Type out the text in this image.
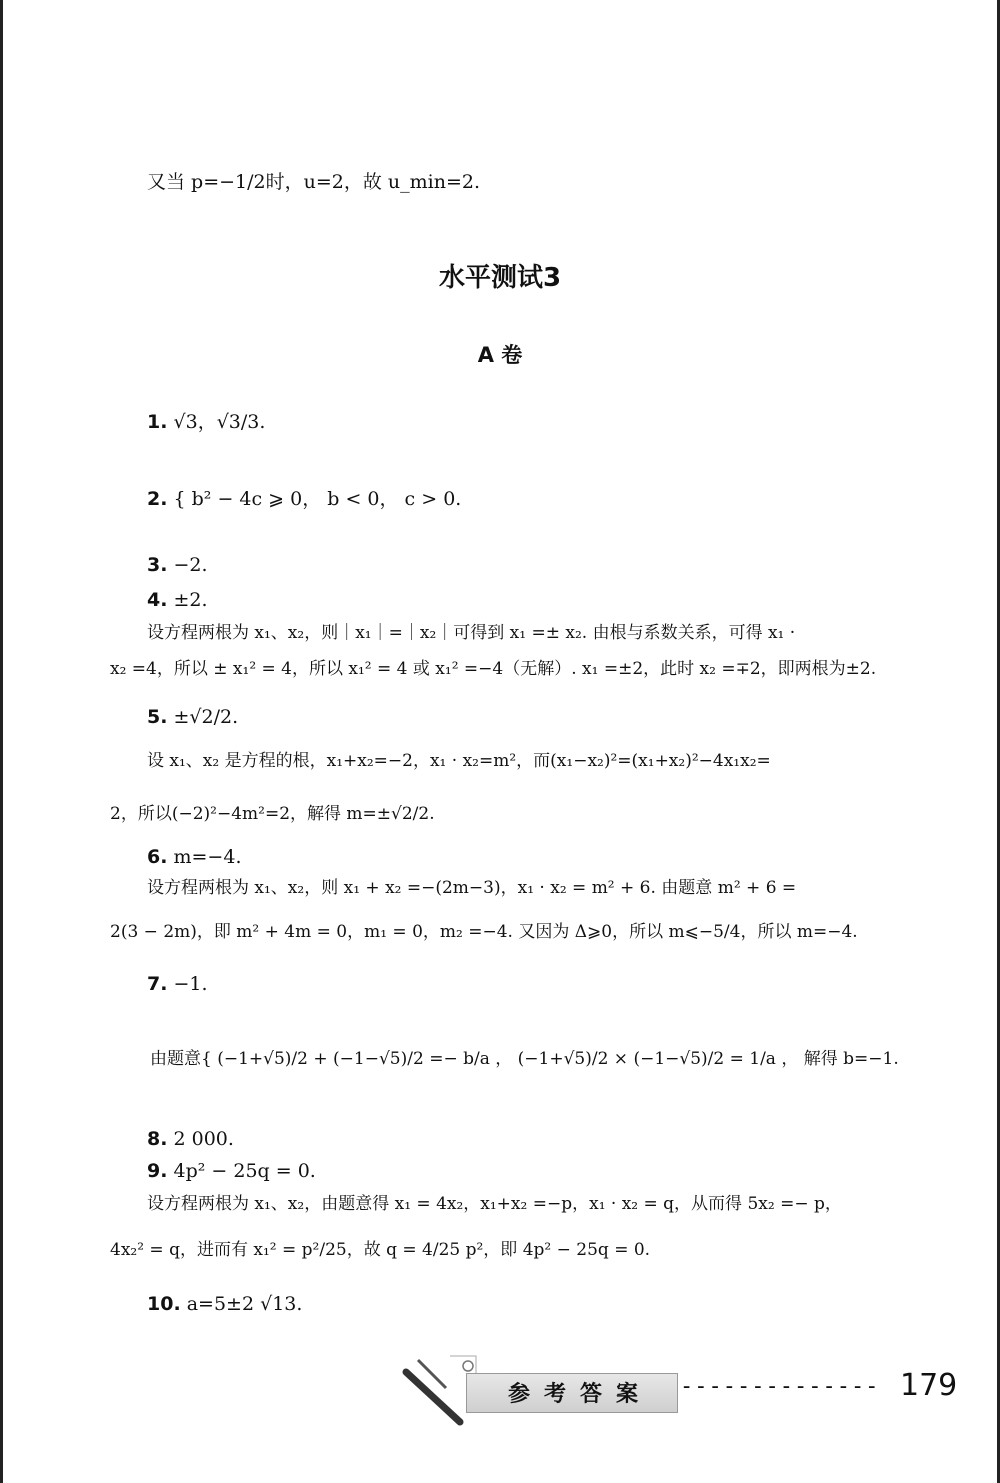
又当 p=−1/2时，u=2，故 u_min=2.
水平测试3
A 卷
1. √3，√3/3.
2. { b² − 4c ⩾ 0， b < 0， c > 0.
3. −2.
4. ±2.
设方程两根为 x₁、x₂，则｜x₁｜=｜x₂｜可得到 x₁ =± x₂. 由根与系数关系，可得 x₁ ·
x₂ =4，所以 ± x₁² = 4，所以 x₁² = 4 或 x₁² =−4（无解）. x₁ =±2，此时 x₂ =∓2，即两根为±2.
5. ±√2/2.
设 x₁、x₂ 是方程的根，x₁+x₂=−2，x₁ · x₂=m²，而(x₁−x₂)²=(x₁+x₂)²−4x₁x₂=
2，所以(−2)²−4m²=2，解得 m=±√2/2.
6. m=−4.
设方程两根为 x₁、x₂，则 x₁ + x₂ =−(2m−3)，x₁ · x₂ = m² + 6. 由题意 m² + 6 =
2(3 − 2m)，即 m² + 4m = 0，m₁ = 0，m₂ =−4. 又因为 Δ⩾0，所以 m⩽−5/4，所以 m=−4.
7. −1.
由题意{ (−1+√5)/2 + (−1−√5)/2 =− b/a ， (−1+√5)/2 × (−1−√5)/2 = 1/a ， 解得 b=−1.
8. 2 000.
9. 4p² − 25q = 0.
设方程两根为 x₁、x₂，由题意得 x₁ = 4x₂，x₁+x₂ =−p，x₁ · x₂ = q，从而得 5x₂ =− p，
4x₂² = q，进而有 x₁² = p²/25，故 q = 4/25 p²，即 4p² − 25q = 0.
10. a=5±2 √13.
参考答案 -------------- 179
